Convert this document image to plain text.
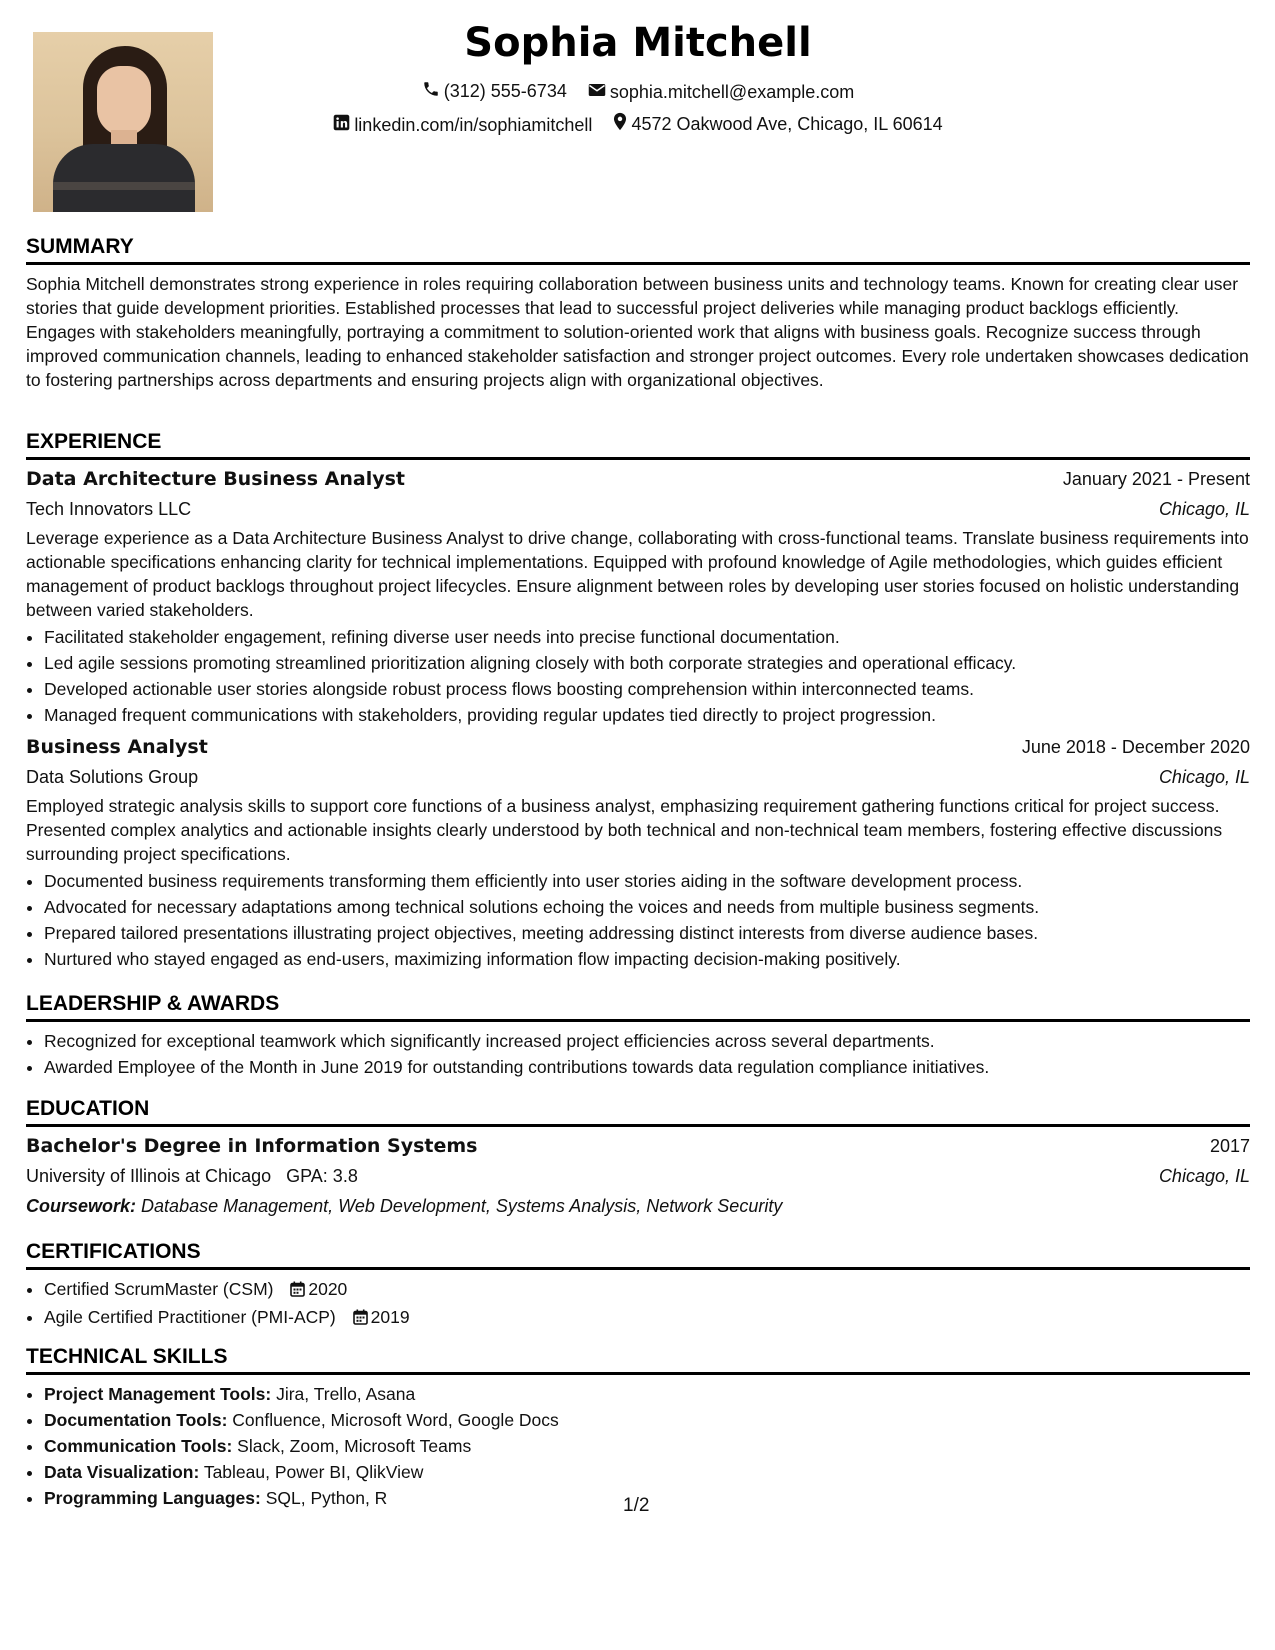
Sophia Mitchell
(312) 555-6734
sophia.mitchell@example.com
linkedin.com/in/sophiamitchell
4572 Oakwood Ave, Chicago, IL 60614
SUMMARY

Sophia Mitchell demonstrates strong experience in roles requiring collaboration between business units and technology teams. Known for creating clear user stories that guide development priorities. Established processes that lead to successful project deliveries while managing product backlogs efficiently. Engages with stakeholders meaningfully, portraying a commitment to solution-oriented work that aligns with business goals. Recognize success through improved communication channels, leading to enhanced stakeholder satisfaction and stronger project outcomes. Every role undertaken showcases dedication to fostering partnerships across departments and ensuring projects align with organizational objectives.

EXPERIENCE
Data Architecture Business Analyst	January 2021 - Present
Tech Innovators LLC	Chicago, IL

Leverage experience as a Data Architecture Business Analyst to drive change, collaborating with cross-functional teams. Translate business requirements into actionable specifications enhancing clarity for technical implementations. Equipped with profound knowledge of Agile methodologies, which guides efficient management of product backlogs throughout project lifecycles. Ensure alignment between roles by developing user stories focused on holistic understanding between varied stakeholders.

• Facilitated stakeholder engagement, refining diverse user needs into precise functional documentation.
• Led agile sessions promoting streamlined prioritization aligning closely with both corporate strategies and operational efficacy.
• Developed actionable user stories alongside robust process flows boosting comprehension within interconnected teams.
• Managed frequent communications with stakeholders, providing regular updates tied directly to project progression.
Business Analyst	June 2018 - December 2020
Data Solutions Group	Chicago, IL

Employed strategic analysis skills to support core functions of a business analyst, emphasizing requirement gathering functions critical for project success. Presented complex analytics and actionable insights clearly understood by both technical and non-technical team members, fostering effective discussions surrounding project specifications.

• Documented business requirements transforming them efficiently into user stories aiding in the software development process.
• Advocated for necessary adaptations among technical solutions echoing the voices and needs from multiple business segments.
• Prepared tailored presentations illustrating project objectives, meeting addressing distinct interests from diverse audience bases.
• Nurtured who stayed engaged as end-users, maximizing information flow impacting decision-making positively.
LEADERSHIP & AWARDS
• Recognized for exceptional teamwork which significantly increased project efficiencies across several departments.
• Awarded Employee of the Month in June 2019 for outstanding contributions towards data regulation compliance initiatives.
EDUCATION
Bachelor's Degree in Information Systems	2017
University of Illinois at Chicago GPA: 3.8	Chicago, IL
Coursework: Database Management, Web Development, Systems Analysis, Network Security
CERTIFICATIONS
• Certified ScrumMaster (CSM) 2020
• Agile Certified Practitioner (PMI-ACP) 2019
TECHNICAL SKILLS
• Project Management Tools: Jira, Trello, Asana
• Documentation Tools: Confluence, Microsoft Word, Google Docs
• Communication Tools: Slack, Zoom, Microsoft Teams
• Data Visualization: Tableau, Power BI, QlikView
• Programming Languages: SQL, Python, R	1/2
